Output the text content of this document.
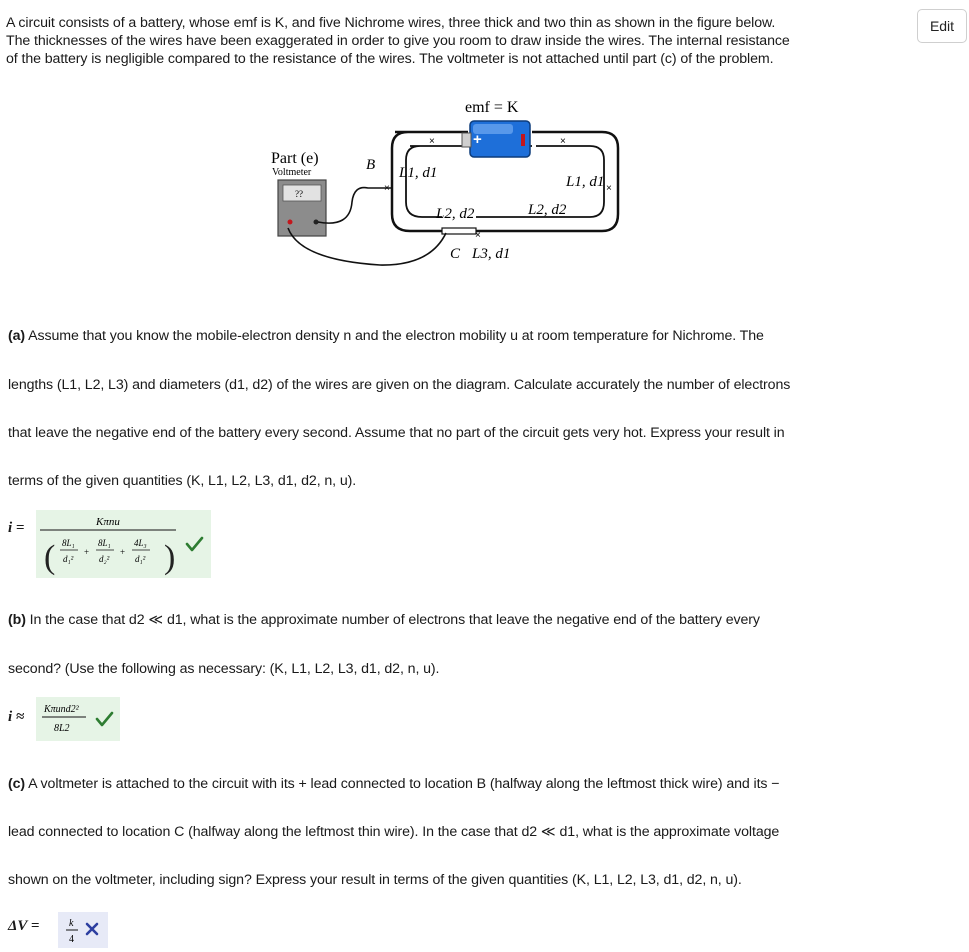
A circuit consists of a battery, whose emf is K, and five Nichrome wires, three thick and two thin as shown in the figure below.
The thicknesses of the wires have been exaggerated in order to give you room to draw inside the wires. The internal resistance
of the battery is negligible compared to the resistance of the wires. The voltmeter is not attached until part (c) of the problem.
Edit
+
emf = K
×	×
×	×
×
L1, d1
L1, d1
L2, d2	L2, d2
L3, d1
B
C
Part (e)
Voltmeter
??
(a) Assume that you know the mobile-electron density n and the electron mobility u at room temperature for Nichrome. The
lengths (L1, L2, L3) and diameters (d1, d2) of the wires are given on the diagram. Calculate accurately the number of electrons
that leave the negative end of the battery every second. Assume that no part of the circuit gets very hot. Express your result in
terms of the given quantities (K, L1, L2, L3, d1, d2, n, u).
i =	Kπnu
(	)
8L₁
d₁²
+
8L₁
d₂²
+
4L₃
d₁²
(b) In the case that d2 ≪ d1, what is the approximate number of electrons that leave the negative end of the battery every
second? (Use the following as necessary: (K, L1, L2, L3, d1, d2, n, u).
i ≈ Kπund2²
8L2
(c) A voltmeter is attached to the circuit with its + lead connected to location B (halfway along the leftmost thick wire) and its −
lead connected to location C (halfway along the leftmost thin wire). In the case that d2 ≪ d1, what is the approximate voltage
shown on the voltmeter, including sign? Express your result in terms of the given quantities (K, L1, L2, L3, d1, d2, n, u).
ΔV =	k
4
